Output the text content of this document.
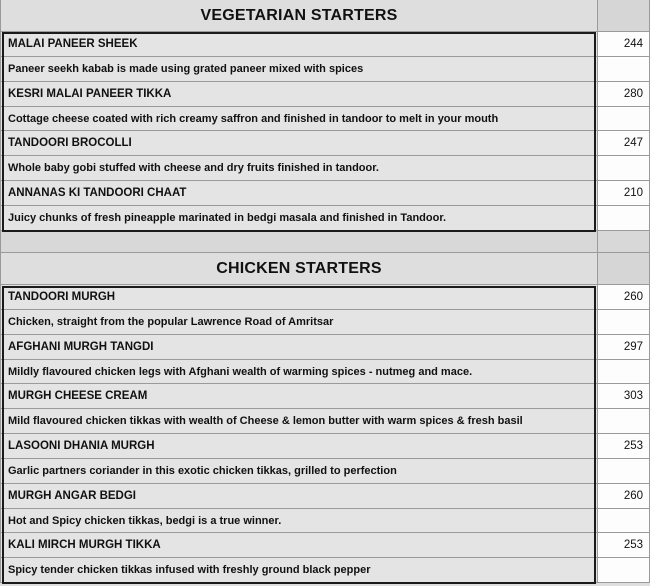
VEGETARIAN STARTERS
MALAI PANEER SHEEK	244
Paneer seekh kabab is made using grated paneer mixed with spices
KESRI MALAI PANEER TIKKA	280
Cottage cheese coated with rich creamy saffron and finished in tandoor to melt in your mouth
TANDOORI BROCOLLI	247
Whole baby gobi stuffed with cheese and dry fruits finished in tandoor.
ANNANAS KI TANDOORI CHAAT	210
Juicy chunks of fresh pineapple marinated in bedgi masala and finished in Tandoor.
CHICKEN STARTERS
TANDOORI MURGH	260
Chicken, straight from the popular Lawrence Road of Amritsar
AFGHANI MURGH TANGDI	297
Mildly flavoured chicken legs with Afghani wealth of warming spices - nutmeg and mace.
MURGH CHEESE CREAM	303
Mild flavoured chicken tikkas with wealth of Cheese & lemon butter with warm spices & fresh basil
LASOONI DHANIA MURGH	253
Garlic partners coriander in this exotic chicken tikkas, grilled to perfection
MURGH ANGAR BEDGI	260
Hot and Spicy chicken tikkas, bedgi is a true winner.
KALI MIRCH MURGH TIKKA	253
Spicy tender chicken tikkas infused with freshly ground black pepper
